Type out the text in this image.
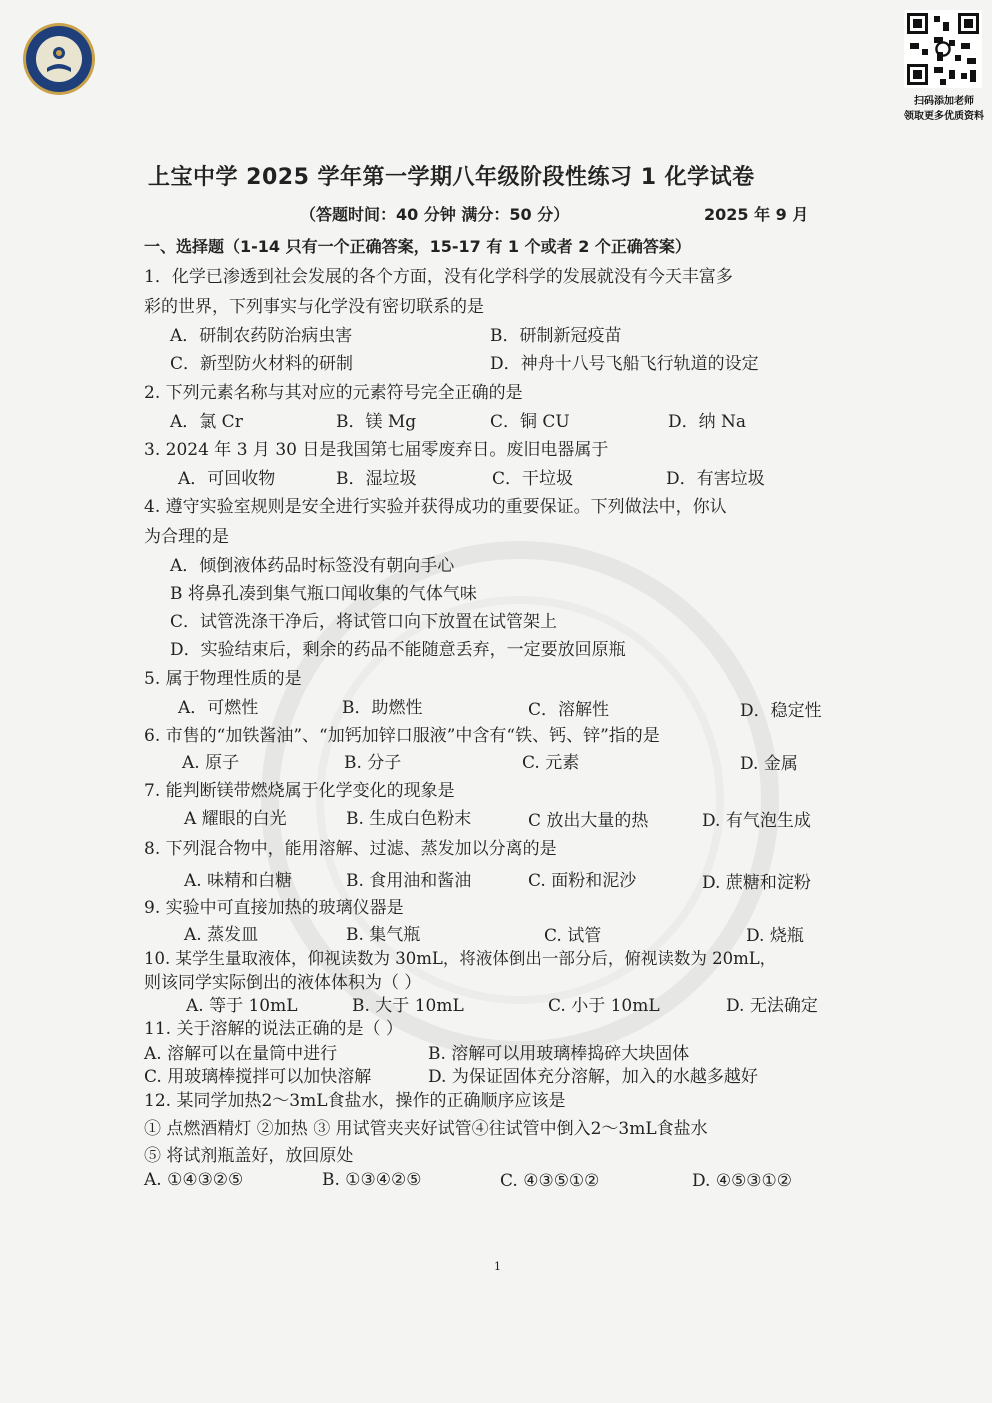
扫码添加老师
领取更多优质资料
上宝中学 2025 学年第一学期八年级阶段性练习 1 化学试卷
（答题时间：40 分钟 满分：50 分）	2025 年 9 月
一、选择题（1-14 只有一个正确答案，15-17 有 1 个或者 2 个正确答案）
1．化学已渗透到社会发展的各个方面，没有化学科学的发展就没有今天丰富多
彩的世界，下列事实与化学没有密切联系的是
A．研制农药防治病虫害	B．研制新冠疫苗
C．新型防火材料的研制	D．神舟十八号飞船飞行轨道的设定
2. 下列元素名称与其对应的元素符号完全正确的是
A．氯 Cr	B．镁 Mg	C．铜 CU	D．纳 Na
3. 2024 年 3 月 30 日是我国第七届零废弃日。废旧电器属于
A．可回收物	B．湿垃圾	C．干垃圾	D．有害垃圾
4. 遵守实验室规则是安全进行实验并获得成功的重要保证。下列做法中，你认
为合理的是
A．倾倒液体药品时标签没有朝向手心
B 将鼻孔凑到集气瓶口闻收集的气体气味
C．试管洗涤干净后，将试管口向下放置在试管架上
D．实验结束后，剩余的药品不能随意丢弃，一定要放回原瓶
5. 属于物理性质的是
A．可燃性	B．助燃性	C．溶解性	D．稳定性
6. 市售的“加铁酱油”、“加钙加锌口服液”中含有“铁、钙、锌”指的是
A. 原子	B. 分子	C. 元素	D. 金属
7. 能判断镁带燃烧属于化学变化的现象是
A 耀眼的白光	B. 生成白色粉末	C 放出大量的热	D. 有气泡生成
8. 下列混合物中，能用溶解、过滤、蒸发加以分离的是
A. 味精和白糖	B. 食用油和酱油	C. 面粉和泥沙	D. 蔗糖和淀粉
9. 实验中可直接加热的玻璃仪器是
A. 蒸发皿	B. 集气瓶	C. 试管	D. 烧瓶
10. 某学生量取液体，仰视读数为 30mL，将液体倒出一部分后，俯视读数为 20mL，
则该同学实际倒出的液体体积为（ ）
A. 等于 10mL	B. 大于 10mL	C. 小于 10mL	D. 无法确定
11. 关于溶解的说法正确的是（ ）
A. 溶解可以在量筒中进行	B. 溶解可以用玻璃棒捣碎大块固体
C. 用玻璃棒搅拌可以加快溶解	D. 为保证固体充分溶解，加入的水越多越好
12. 某同学加热2～3mL食盐水，操作的正确顺序应该是
① 点燃酒精灯 ②加热 ③ 用试管夹夹好试管④往试管中倒入2～3mL食盐水
⑤ 将试剂瓶盖好，放回原处
A. ①④③②⑤	B. ①③④②⑤	C. ④③⑤①②	D. ④⑤③①②
1
